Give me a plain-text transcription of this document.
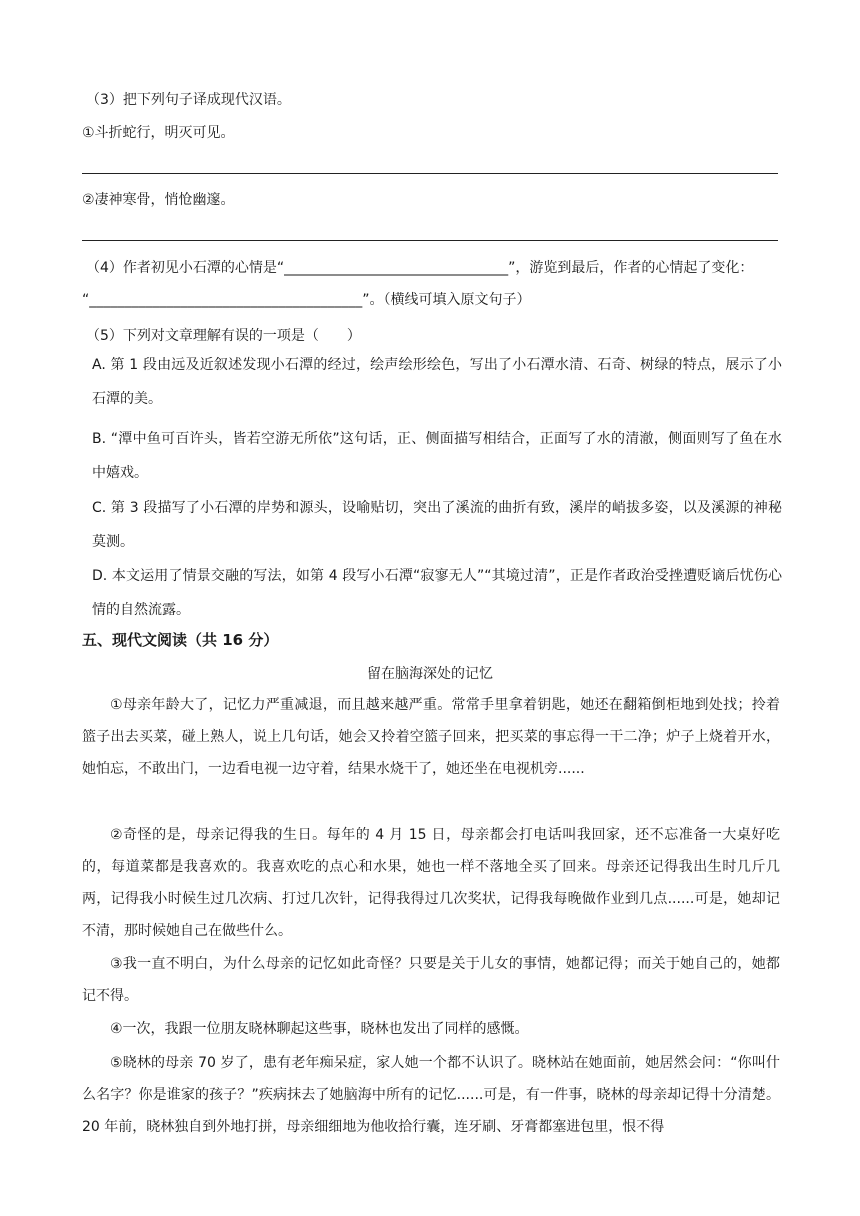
（3）把下列句子译成现代汉语。
①斗折蛇行，明灭可见。
②凄神寒骨，悄怆幽邃。
（4）作者初见小石潭的心情是“________________________________”，游览到最后，作者的心情起了变化：
“_______________________________________”。（横线可填入原文句子）
（5）下列对文章理解有误的一项是（　　）
A. 第 1 段由远及近叙述发现小石潭的经过，绘声绘形绘色，写出了小石潭水清、石奇、树绿的特点，展示了小石潭的美。
B. “潭中鱼可百许头，皆若空游无所依”这句话，正、侧面描写相结合，正面写了水的清澈，侧面则写了鱼在水中嬉戏。
C. 第 3 段描写了小石潭的岸势和源头，设喻贴切，突出了溪流的曲折有致，溪岸的峭拔多姿，以及溪源的神秘莫测。
D. 本文运用了情景交融的写法，如第 4 段写小石潭“寂寥无人”“其境过清”，正是作者政治受挫遭贬谪后忧伤心情的自然流露。
五、现代文阅读（共 16 分）
留在脑海深处的记忆
①母亲年龄大了，记忆力严重减退，而且越来越严重。常常手里拿着钥匙，她还在翻箱倒柜地到处找；拎着篮子出去买菜，碰上熟人，说上几句话，她会又拎着空篮子回来，把买菜的事忘得一干二净；炉子上烧着开水，她怕忘，不敢出门，一边看电视一边守着，结果水烧干了，她还坐在电视机旁......
②奇怪的是，母亲记得我的生日。每年的 4 月 15 日，母亲都会打电话叫我回家，还不忘准备一大桌好吃的，每道菜都是我喜欢的。我喜欢吃的点心和水果，她也一样不落地全买了回来。母亲还记得我出生时几斤几两，记得我小时候生过几次病、打过几次针，记得我得过几次奖状，记得我每晚做作业到几点......可是，她却记不清，那时候她自己在做些什么。
③我一直不明白，为什么母亲的记忆如此奇怪？只要是关于儿女的事情，她都记得；而关于她自己的，她都记不得。
④一次，我跟一位朋友晓林聊起这些事，晓林也发出了同样的感慨。
⑤晓林的母亲 70 岁了，患有老年痴呆症，家人她一个都不认识了。晓林站在她面前，她居然会问：“你叫什么名字？你是谁家的孩子？”疾病抹去了她脑海中所有的记忆......可是，有一件事，晓林的母亲却记得十分清楚。20 年前，晓林独自到外地打拼，母亲细细地为他收拾行囊，连牙刷、牙膏都塞进包里，恨不得
